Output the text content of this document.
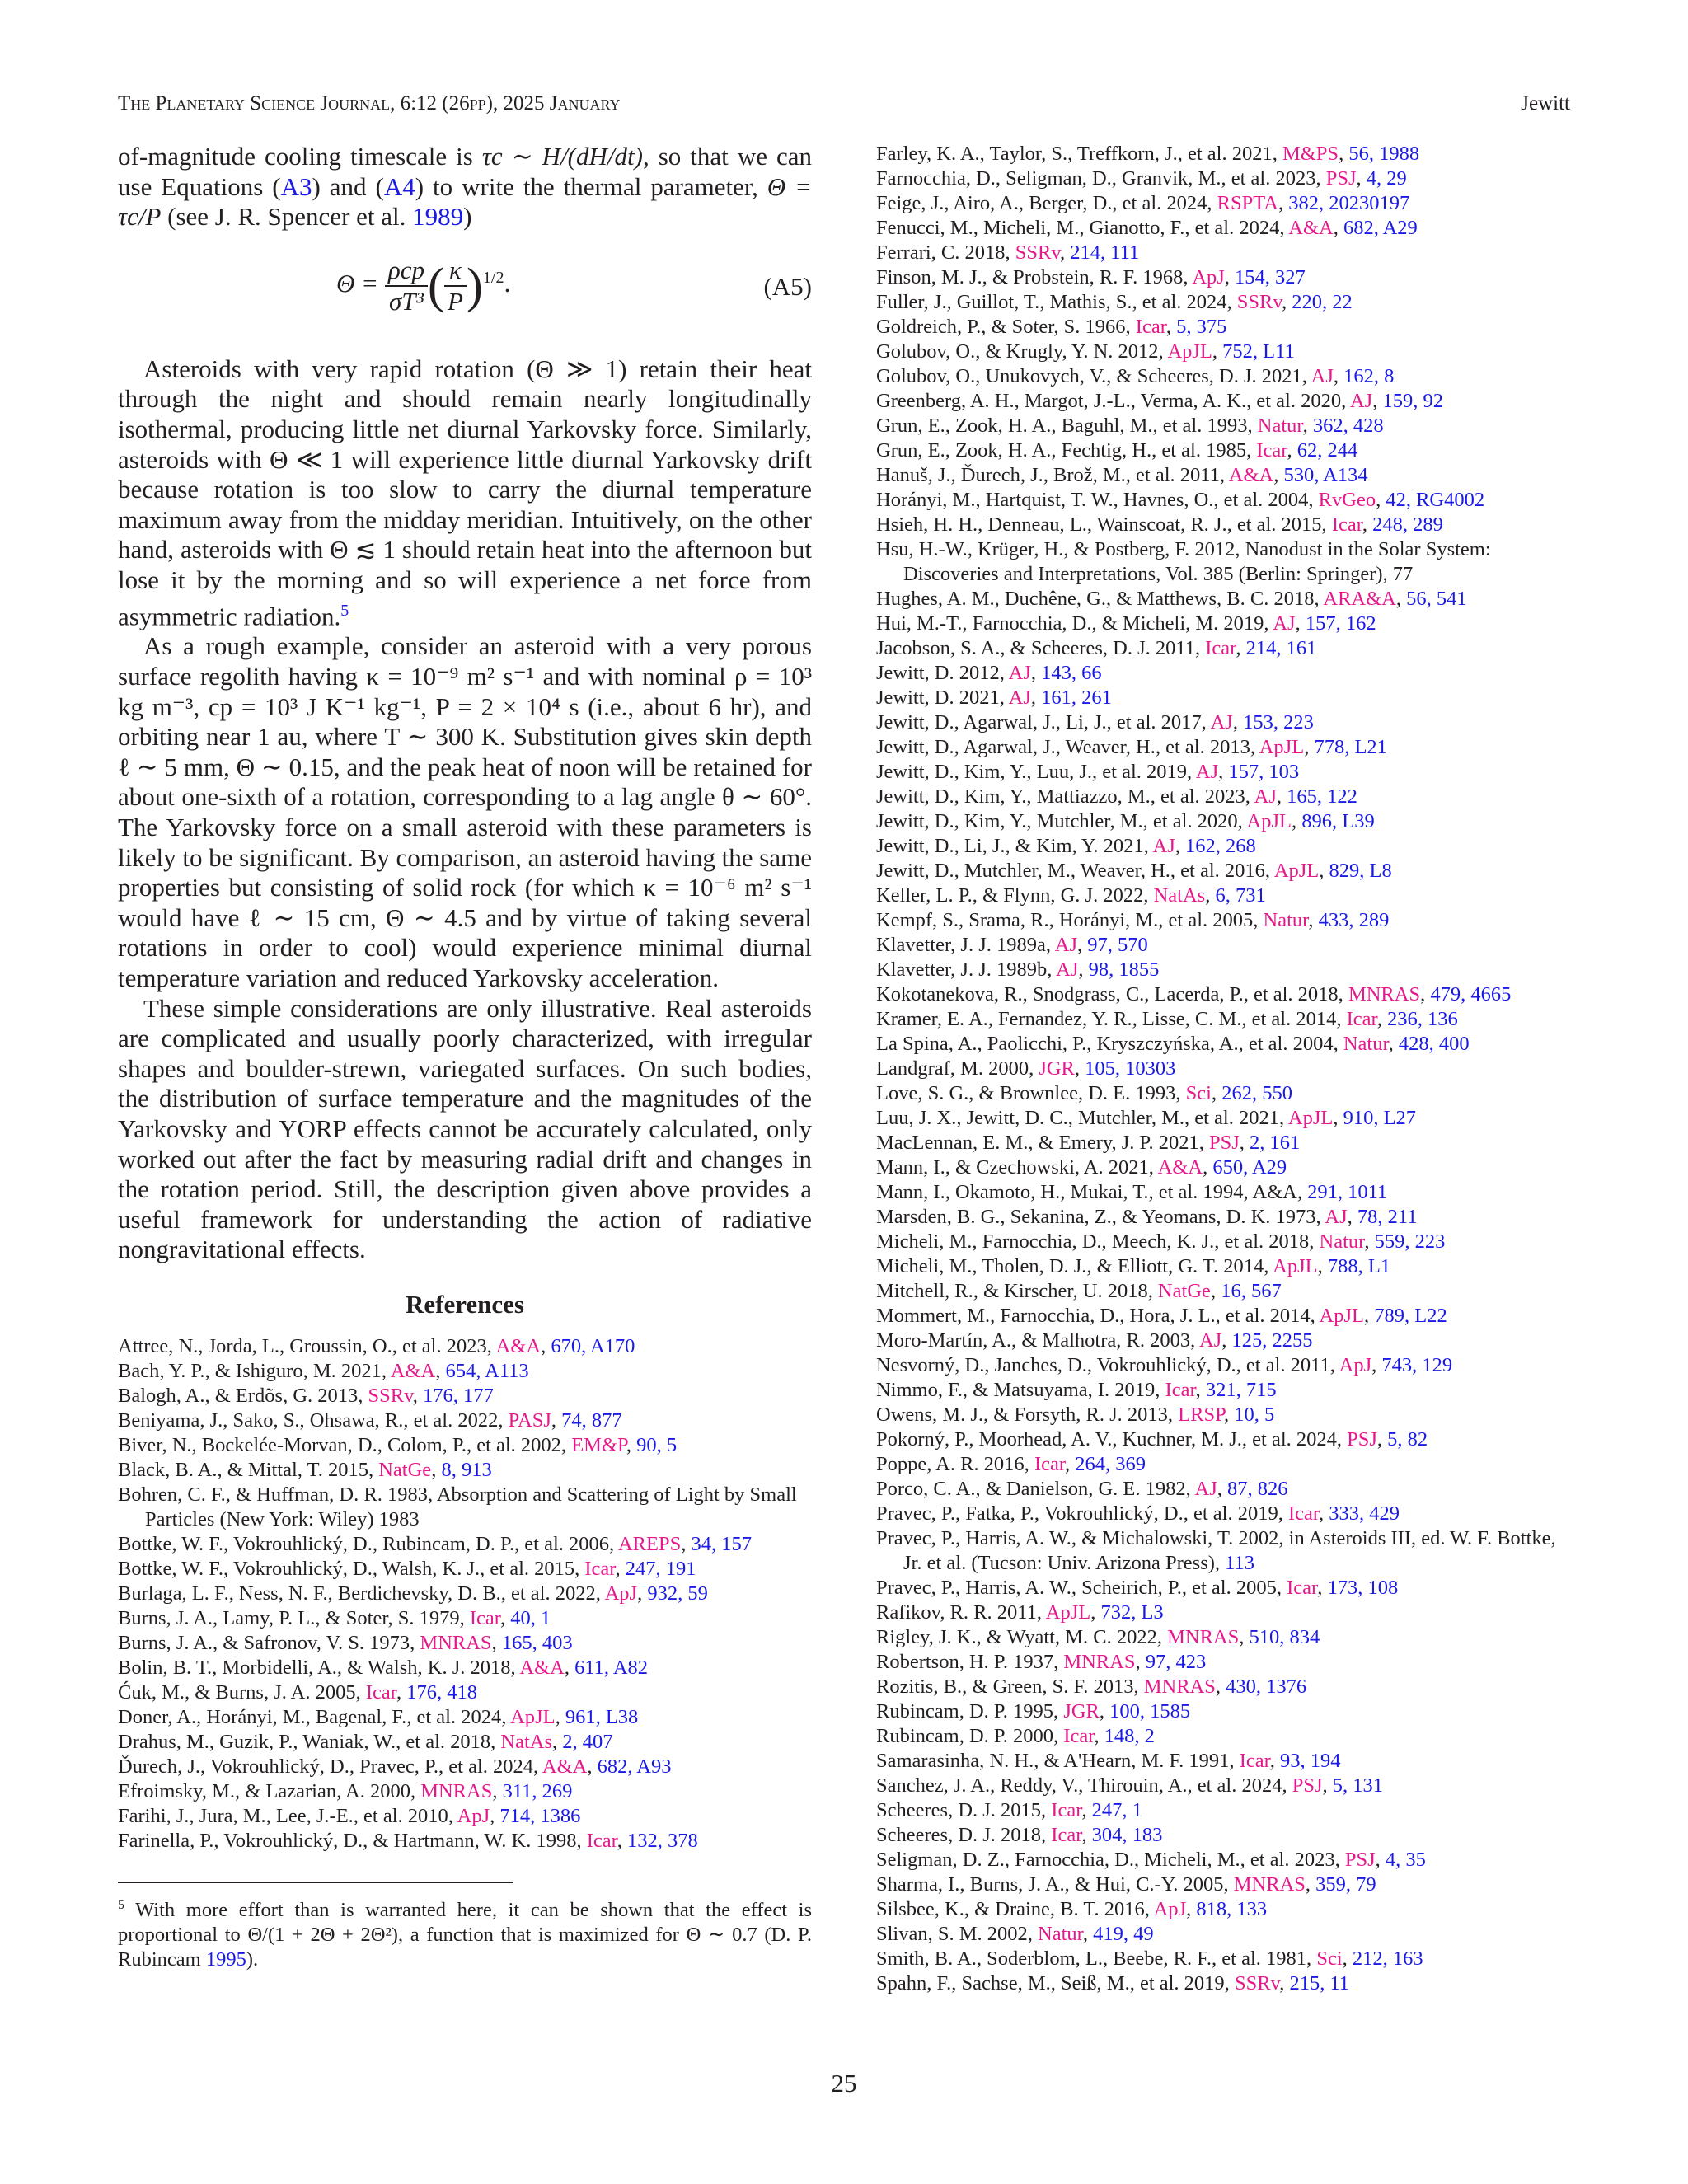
The Planetary Science Journal, 6:12 (26pp), 2025 January	Jewitt

of-magnitude cooling timescale is τc ∼ H/(dH/dt), so that we can use Equations (A3) and (A4) to write the thermal parameter, Θ = τc/P (see J. R. Spencer et al. 1989)

$\Theta = \frac{\text{ρcp}}{\text{σT³}}$ ( $\frac{\kappa}{P} )^{1/2}$.	(A5)

Asteroids with very rapid rotation (Θ ≫ 1) retain their heat through the night and should remain nearly longitudinally isothermal, producing little net diurnal Yarkovsky force. Similarly, asteroids with Θ ≪ 1 will experience little diurnal Yarkovsky drift because rotation is too slow to carry the diurnal temperature maximum away from the midday meridian. Intuitively, on the other hand, asteroids with Θ ≲ 1 should retain heat into the afternoon but lose it by the morning and so will experience a net force from asymmetric radiation.$^5$

As a rough example, consider an asteroid with a very porous surface regolith having κ = 10⁻⁹ m² s⁻¹ and with nominal ρ = 10³ kg m⁻³, cp = 10³ J K⁻¹ kg⁻¹, P = 2 × 10⁴ s (i.e., about 6 hr), and orbiting near 1 au, where T ∼ 300 K. Substitution gives skin depth ℓ ∼ 5 mm, Θ ∼ 0.15, and the peak heat of noon will be retained for about one-sixth of a rotation, corresponding to a lag angle θ ∼ 60°. The Yarkovsky force on a small asteroid with these parameters is likely to be significant. By comparison, an asteroid having the same properties but consisting of solid rock (for which κ = 10⁻⁶ m² s⁻¹ would have ℓ ∼ 15 cm, Θ ∼ 4.5 and by virtue of taking several rotations in order to cool) would experience minimal diurnal temperature variation and reduced Yarkovsky acceleration.

These simple considerations are only illustrative. Real asteroids are complicated and usually poorly characterized, with irregular shapes and boulder-strewn, variegated surfaces. On such bodies, the distribution of surface temperature and the magnitudes of the Yarkovsky and YORP effects cannot be accurately calculated, only worked out after the fact by measuring radial drift and changes in the rotation period. Still, the description given above provides a useful framework for understanding the action of radiative nongravitational effects.

References

Attree, N., Jorda, L., Groussin, O., et al. 2023, A&A, 670, A170

Bach, Y. P., & Ishiguro, M. 2021, A&A, 654, A113

Balogh, A., & Erdõs, G. 2013, SSRv, 176, 177

Beniyama, J., Sako, S., Ohsawa, R., et al. 2022, PASJ, 74, 877

Biver, N., Bockelée-Morvan, D., Colom, P., et al. 2002, EM&P, 90, 5

Black, B. A., & Mittal, T. 2015, NatGe, 8, 913

Bohren, C. F., & Huffman, D. R. 1983, Absorption and Scattering of Light by Small Particles (New York: Wiley) 1983

Bottke, W. F., Vokrouhlický, D., Rubincam, D. P., et al. 2006, AREPS, 34, 157

Bottke, W. F., Vokrouhlický, D., Walsh, K. J., et al. 2015, Icar, 247, 191

Burlaga, L. F., Ness, N. F., Berdichevsky, D. B., et al. 2022, ApJ, 932, 59

Burns, J. A., Lamy, P. L., & Soter, S. 1979, Icar, 40, 1

Burns, J. A., & Safronov, V. S. 1973, MNRAS, 165, 403

Bolin, B. T., Morbidelli, A., & Walsh, K. J. 2018, A&A, 611, A82

Ćuk, M., & Burns, J. A. 2005, Icar, 176, 418

Doner, A., Horányi, M., Bagenal, F., et al. 2024, ApJL, 961, L38

Drahus, M., Guzik, P., Waniak, W., et al. 2018, NatAs, 2, 407

Ďurech, J., Vokrouhlický, D., Pravec, P., et al. 2024, A&A, 682, A93

Efroimsky, M., & Lazarian, A. 2000, MNRAS, 311, 269

Farihi, J., Jura, M., Lee, J.-E., et al. 2010, ApJ, 714, 1386

Farinella, P., Vokrouhlický, D., & Hartmann, W. K. 1998, Icar, 132, 378

$^5$ With more effort than is warranted here, it can be shown that the effect is proportional to Θ/(1 + 2Θ + 2Θ²), a function that is maximized for Θ ∼ 0.7 (D. P. Rubincam 1995).

Farley, K. A., Taylor, S., Treffkorn, J., et al. 2021, M&PS, 56, 1988

Farnocchia, D., Seligman, D., Granvik, M., et al. 2023, PSJ, 4, 29

Feige, J., Airo, A., Berger, D., et al. 2024, RSPTA, 382, 20230197

Fenucci, M., Micheli, M., Gianotto, F., et al. 2024, A&A, 682, A29

Ferrari, C. 2018, SSRv, 214, 111

Finson, M. J., & Probstein, R. F. 1968, ApJ, 154, 327

Fuller, J., Guillot, T., Mathis, S., et al. 2024, SSRv, 220, 22

Goldreich, P., & Soter, S. 1966, Icar, 5, 375

Golubov, O., & Krugly, Y. N. 2012, ApJL, 752, L11

Golubov, O., Unukovych, V., & Scheeres, D. J. 2021, AJ, 162, 8

Greenberg, A. H., Margot, J.-L., Verma, A. K., et al. 2020, AJ, 159, 92

Grun, E., Zook, H. A., Baguhl, M., et al. 1993, Natur, 362, 428

Grun, E., Zook, H. A., Fechtig, H., et al. 1985, Icar, 62, 244

Hanuš, J., Ďurech, J., Brož, M., et al. 2011, A&A, 530, A134

Horányi, M., Hartquist, T. W., Havnes, O., et al. 2004, RvGeo, 42, RG4002

Hsieh, H. H., Denneau, L., Wainscoat, R. J., et al. 2015, Icar, 248, 289

Hsu, H.-W., Krüger, H., & Postberg, F. 2012, Nanodust in the Solar System: Discoveries and Interpretations, Vol. 385 (Berlin: Springer), 77

Hughes, A. M., Duchêne, G., & Matthews, B. C. 2018, ARA&A, 56, 541

Hui, M.-T., Farnocchia, D., & Micheli, M. 2019, AJ, 157, 162

Jacobson, S. A., & Scheeres, D. J. 2011, Icar, 214, 161

Jewitt, D. 2012, AJ, 143, 66

Jewitt, D. 2021, AJ, 161, 261

Jewitt, D., Agarwal, J., Li, J., et al. 2017, AJ, 153, 223

Jewitt, D., Agarwal, J., Weaver, H., et al. 2013, ApJL, 778, L21

Jewitt, D., Kim, Y., Luu, J., et al. 2019, AJ, 157, 103

Jewitt, D., Kim, Y., Mattiazzo, M., et al. 2023, AJ, 165, 122

Jewitt, D., Kim, Y., Mutchler, M., et al. 2020, ApJL, 896, L39

Jewitt, D., Li, J., & Kim, Y. 2021, AJ, 162, 268

Jewitt, D., Mutchler, M., Weaver, H., et al. 2016, ApJL, 829, L8

Keller, L. P., & Flynn, G. J. 2022, NatAs, 6, 731

Kempf, S., Srama, R., Horányi, M., et al. 2005, Natur, 433, 289

Klavetter, J. J. 1989a, AJ, 97, 570

Klavetter, J. J. 1989b, AJ, 98, 1855

Kokotanekova, R., Snodgrass, C., Lacerda, P., et al. 2018, MNRAS, 479, 4665

Kramer, E. A., Fernandez, Y. R., Lisse, C. M., et al. 2014, Icar, 236, 136

La Spina, A., Paolicchi, P., Kryszczyńska, A., et al. 2004, Natur, 428, 400

Landgraf, M. 2000, JGR, 105, 10303

Love, S. G., & Brownlee, D. E. 1993, Sci, 262, 550

Luu, J. X., Jewitt, D. C., Mutchler, M., et al. 2021, ApJL, 910, L27

MacLennan, E. M., & Emery, J. P. 2021, PSJ, 2, 161

Mann, I., & Czechowski, A. 2021, A&A, 650, A29

Mann, I., Okamoto, H., Mukai, T., et al. 1994, A&A, 291, 1011

Marsden, B. G., Sekanina, Z., & Yeomans, D. K. 1973, AJ, 78, 211

Micheli, M., Farnocchia, D., Meech, K. J., et al. 2018, Natur, 559, 223

Micheli, M., Tholen, D. J., & Elliott, G. T. 2014, ApJL, 788, L1

Mitchell, R., & Kirscher, U. 2018, NatGe, 16, 567

Mommert, M., Farnocchia, D., Hora, J. L., et al. 2014, ApJL, 789, L22

Moro-Martín, A., & Malhotra, R. 2003, AJ, 125, 2255

Nesvorný, D., Janches, D., Vokrouhlický, D., et al. 2011, ApJ, 743, 129

Nimmo, F., & Matsuyama, I. 2019, Icar, 321, 715

Owens, M. J., & Forsyth, R. J. 2013, LRSP, 10, 5

Pokorný, P., Moorhead, A. V., Kuchner, M. J., et al. 2024, PSJ, 5, 82

Poppe, A. R. 2016, Icar, 264, 369

Porco, C. A., & Danielson, G. E. 1982, AJ, 87, 826

Pravec, P., Fatka, P., Vokrouhlický, D., et al. 2019, Icar, 333, 429

Pravec, P., Harris, A. W., & Michalowski, T. 2002, in Asteroids III, ed. W. F. Bottke, Jr. et al. (Tucson: Univ. Arizona Press), 113

Pravec, P., Harris, A. W., Scheirich, P., et al. 2005, Icar, 173, 108

Rafikov, R. R. 2011, ApJL, 732, L3

Rigley, J. K., & Wyatt, M. C. 2022, MNRAS, 510, 834

Robertson, H. P. 1937, MNRAS, 97, 423

Rozitis, B., & Green, S. F. 2013, MNRAS, 430, 1376

Rubincam, D. P. 1995, JGR, 100, 1585

Rubincam, D. P. 2000, Icar, 148, 2

Samarasinha, N. H., & A'Hearn, M. F. 1991, Icar, 93, 194

Sanchez, J. A., Reddy, V., Thirouin, A., et al. 2024, PSJ, 5, 131

Scheeres, D. J. 2015, Icar, 247, 1

Scheeres, D. J. 2018, Icar, 304, 183

Seligman, D. Z., Farnocchia, D., Micheli, M., et al. 2023, PSJ, 4, 35

Sharma, I., Burns, J. A., & Hui, C.-Y. 2005, MNRAS, 359, 79

Silsbee, K., & Draine, B. T. 2016, ApJ, 818, 133

Slivan, S. M. 2002, Natur, 419, 49

Smith, B. A., Soderblom, L., Beebe, R. F., et al. 1981, Sci, 212, 163

Spahn, F., Sachse, M., Seiß, M., et al. 2019, SSRv, 215, 11

25
